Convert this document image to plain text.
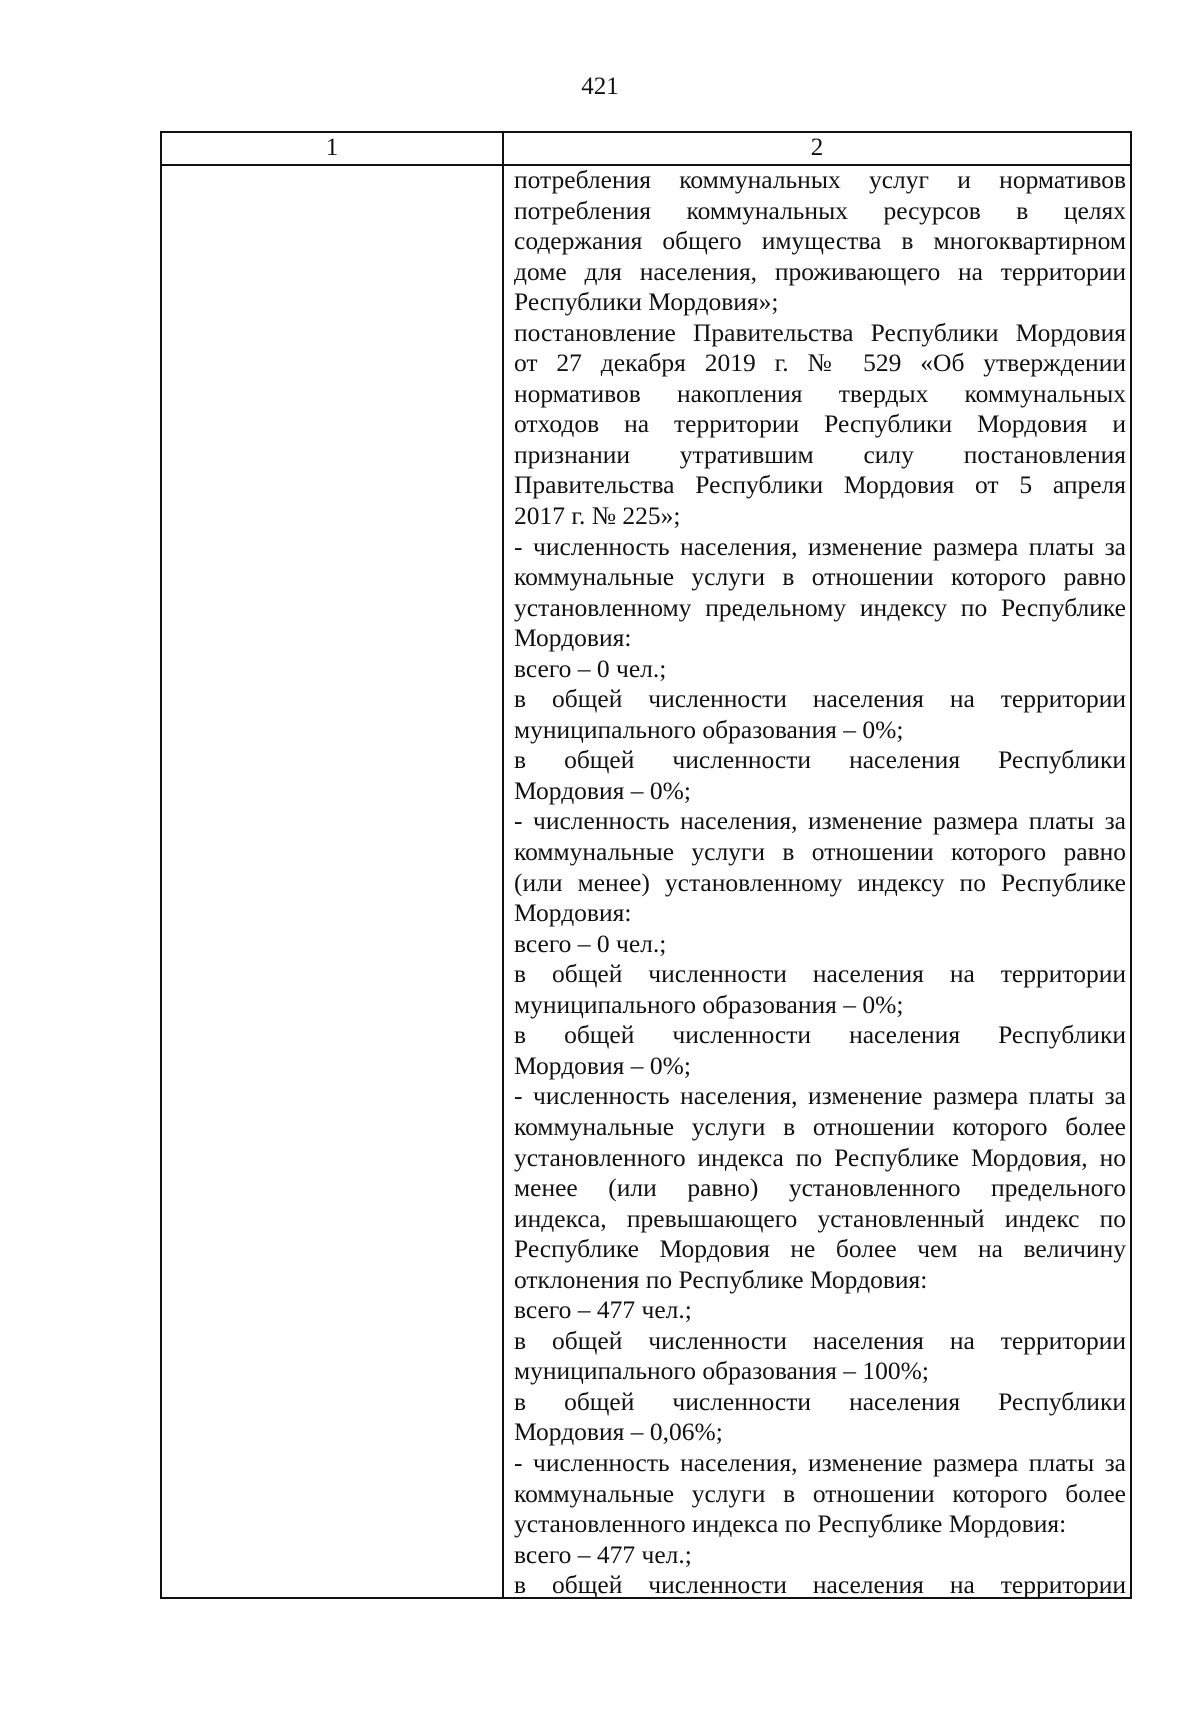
421
1	2
потребления коммунальных услуг и нормативов
потребления коммунальных ресурсов в целях
содержания общего имущества в многоквартирном
доме для населения, проживающего на территории
Республики Мордовия»;
постановление Правительства Республики Мордовия
от 27 декабря 2019 г. № 529 «Об утверждении
нормативов накопления твердых коммунальных
отходов на территории Республики Мордовия и
признании утратившим силу постановления
Правительства Республики Мордовия от 5 апреля
2017 г. № 225»;
- численность населения, изменение размера платы за
коммунальные услуги в отношении которого равно
установленному предельному индексу по Республике
Мордовия:
всего – 0 чел.;
в общей численности населения на территории
муниципального образования – 0%;
в общей численности населения Республики
Мордовия – 0%;
- численность населения, изменение размера платы за
коммунальные услуги в отношении которого равно
(или менее) установленному индексу по Республике
Мордовия:
всего – 0 чел.;
в общей численности населения на территории
муниципального образования – 0%;
в общей численности населения Республики
Мордовия – 0%;
- численность населения, изменение размера платы за
коммунальные услуги в отношении которого более
установленного индекса по Республике Мордовия, но
менее (или равно) установленного предельного
индекса, превышающего установленный индекс по
Республике Мордовия не более чем на величину
отклонения по Республике Мордовия:
всего – 477 чел.;
в общей численности населения на территории
муниципального образования – 100%;
в общей численности населения Республики
Мордовия – 0,06%;
- численность населения, изменение размера платы за
коммунальные услуги в отношении которого более
установленного индекса по Республике Мордовия:
всего – 477 чел.;
в общей численности населения на территории
